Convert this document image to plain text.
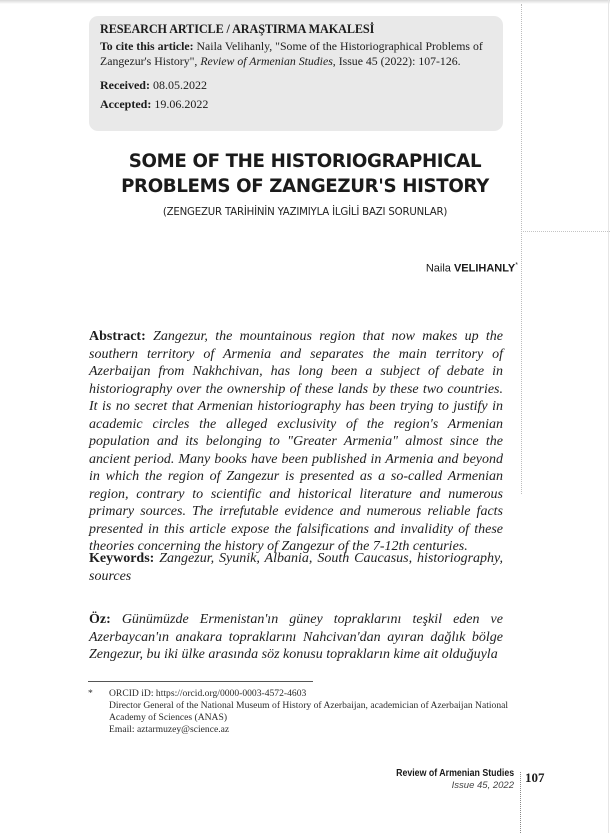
RESEARCH ARTICLE / ARAŞTIRMA MAKALESİ
To cite this article: Naila Velihanly, "Some of the Historiographical Problems of Zangezur's History", Review of Armenian Studies, Issue 45 (2022): 107-126.
Received: 08.05.2022
Accepted: 19.06.2022
SOME OF THE HISTORIOGRAPHICAL
PROBLEMS OF ZANGEZUR'S HISTORY
(ZENGEZUR TARİHİNİN YAZIMIYLA İLGİLİ BAZI SORUNLAR)
Naila VELIHANLY*
Abstract: Zangezur, the mountainous region that now makes up the southern territory of Armenia and separates the main territory of Azerbaijan from Nakhchivan, has long been a subject of debate in historiography over the ownership of these lands by these two countries. It is no secret that Armenian historiography has been trying to justify in academic circles the alleged exclusivity of the region's Armenian population and its belonging to "Greater Armenia" almost since the ancient period. Many books have been published in Armenia and beyond in which the region of Zangezur is presented as a so-called Armenian region, contrary to scientific and historical literature and numerous primary sources. The irrefutable evidence and numerous reliable facts presented in this article expose the falsifications and invalidity of these theories concerning the history of Zangezur of the 7-12th centuries.
Keywords: Zangezur, Syunik, Albania, South Caucasus, historiography, sources
Öz: Günümüzde Ermenistan'ın güney topraklarını teşkil eden ve Azerbaycan'ın anakara topraklarını Nahcivan'dan ayıran dağlık bölge Zengezur, bu iki ülke arasında söz konusu toprakların kime ait olduğuyla
* ORCID iD: https://orcid.org/0000-0003-4572-4603
Director General of the National Museum of History of Azerbaijan, academician of Azerbaijan National Academy of Sciences (ANAS)
Email: aztarmuzey@science.az
Review of Armenian Studies
Issue 45, 2022
107
